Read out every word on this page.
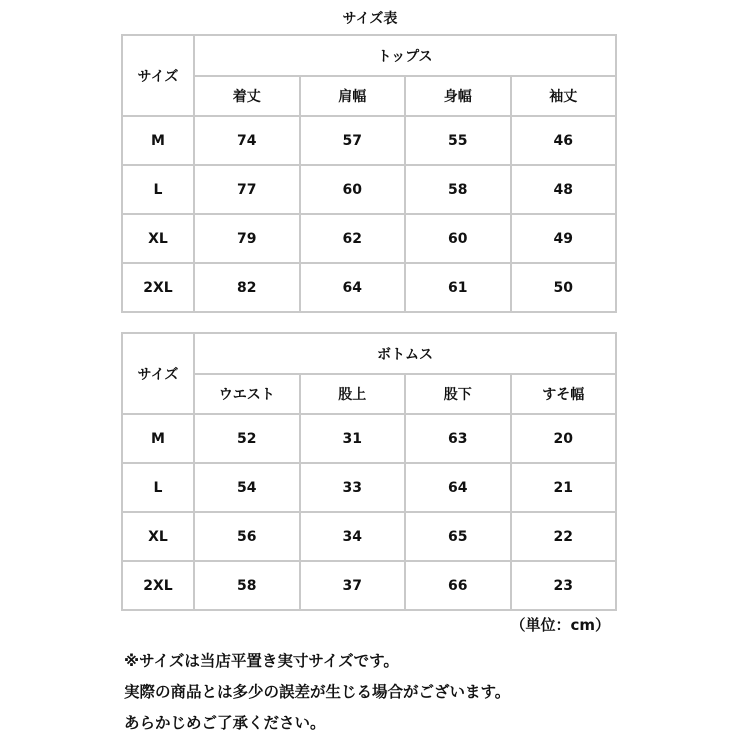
サイズ表
サイズ	トップス			
	着丈	肩幅	身幅	袖丈
M	74	57	55	46
L	77	60	58	48
XL	79	62	60	49
2XL	82	64	61	50
サイズ	ボトムス			
	ウエスト	股上	股下	すそ幅
M	52	31	63	20
L	54	33	64	21
XL	56	34	65	22
2XL	58	37	66	23
（単位：cm）

※サイズは当店平置き実寸サイズです。

実際の商品とは多少の誤差が生じる場合がございます。

あらかじめご了承ください。
